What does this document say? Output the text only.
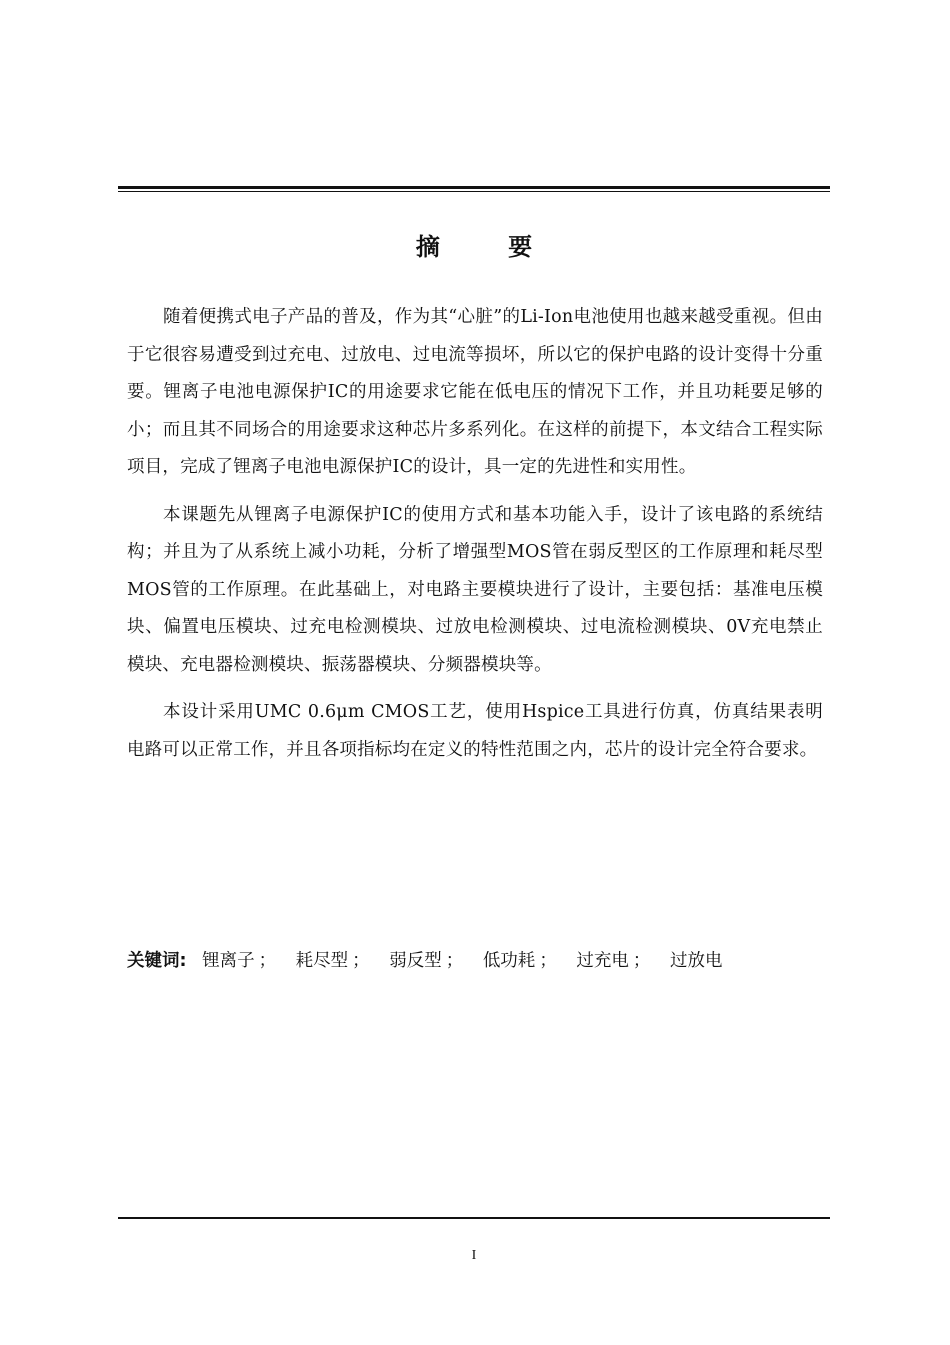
摘 要

随着便携式电子产品的普及，作为其“心脏”的Li-Ion电池使用也越来越受重视。但由于它很容易遭受到过充电、过放电、过电流等损坏，所以它的保护电路的设计变得十分重要。锂离子电池电源保护IC的用途要求它能在低电压的情况下工作，并且功耗要足够的小；而且其不同场合的用途要求这种芯片多系列化。在这样的前提下，本文结合工程实际项目，完成了锂离子电池电源保护IC的设计，具一定的先进性和实用性。

本课题先从锂离子电源保护IC的使用方式和基本功能入手，设计了该电路的系统结构；并且为了从系统上减小功耗，分析了增强型MOS管在弱反型区的工作原理和耗尽型MOS管的工作原理。在此基础上，对电路主要模块进行了设计，主要包括：基准电压模块、偏置电压模块、过充电检测模块、过放电检测模块、过电流检测模块、0V充电禁止模块、充电器检测模块、振荡器模块、分频器模块等。

本设计采用UMC 0.6μm CMOS工艺，使用Hspice工具进行仿真，仿真结果表明电路可以正常工作，并且各项指标均在定义的特性范围之内，芯片的设计完全符合要求。

关键词: 锂离子 ； 耗尽型 ； 弱反型 ； 低功耗 ； 过充电 ； 过放电
I
